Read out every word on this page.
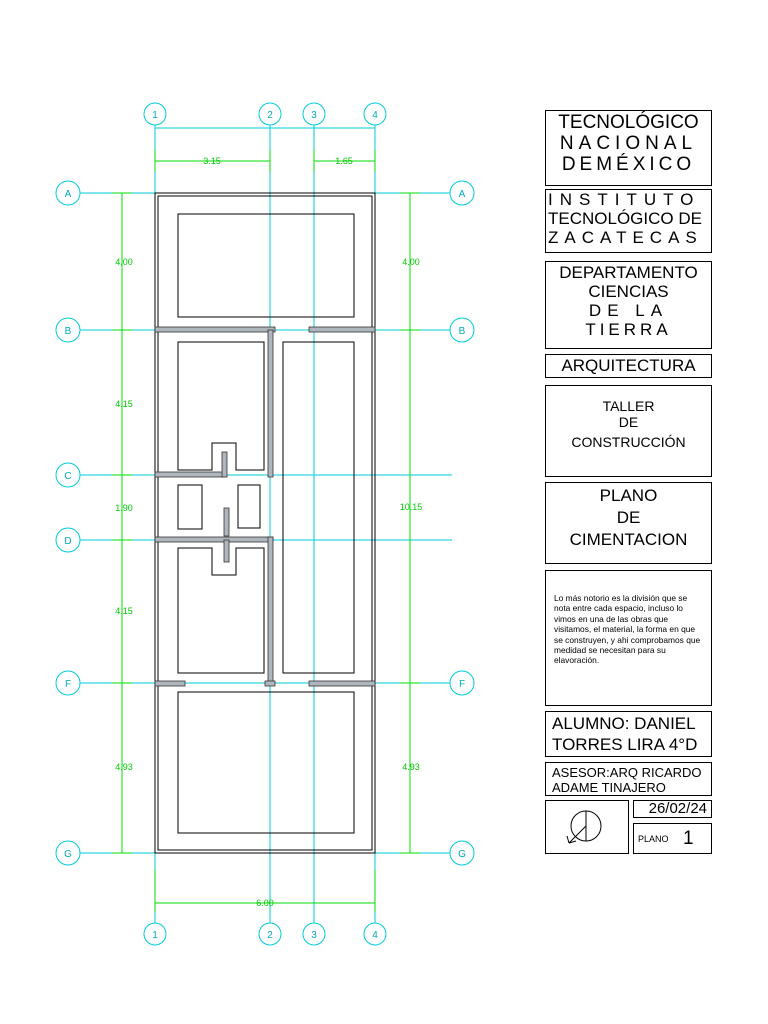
3.15	1.65
6.00
4.00
4.15
1.90
4.15
4.93
4.00
10.15
4.93
1	2	3	4
1	2	3	4
A
B
C
D
F
G
A
B
F
G
TECNOLÓGICO
NACIONAL
DEMÉXICO
INSTITUTO
TECNOLÓGICO DE
ZACATECAS
DEPARTAMENTO
CIENCIAS
DE LA
TIERRA
ARQUITECTURA
TALLER
DE
CONSTRUCCIÓN
PLANO
DE
CIMENTACION
Lo más notorio es la división que se nota entre cada espacio, incluso lo vimos en una de las obras que visitamos, el material, la forma en que se construyen, y ahi comprobamos que medidad se necesitan para su elavoración.
ALUMNO: DANIEL
TORRES LIRA 4°D
ASESOR:ARQ RICARDO
ADAME TINAJERO
26/02/24
PLANO 1
